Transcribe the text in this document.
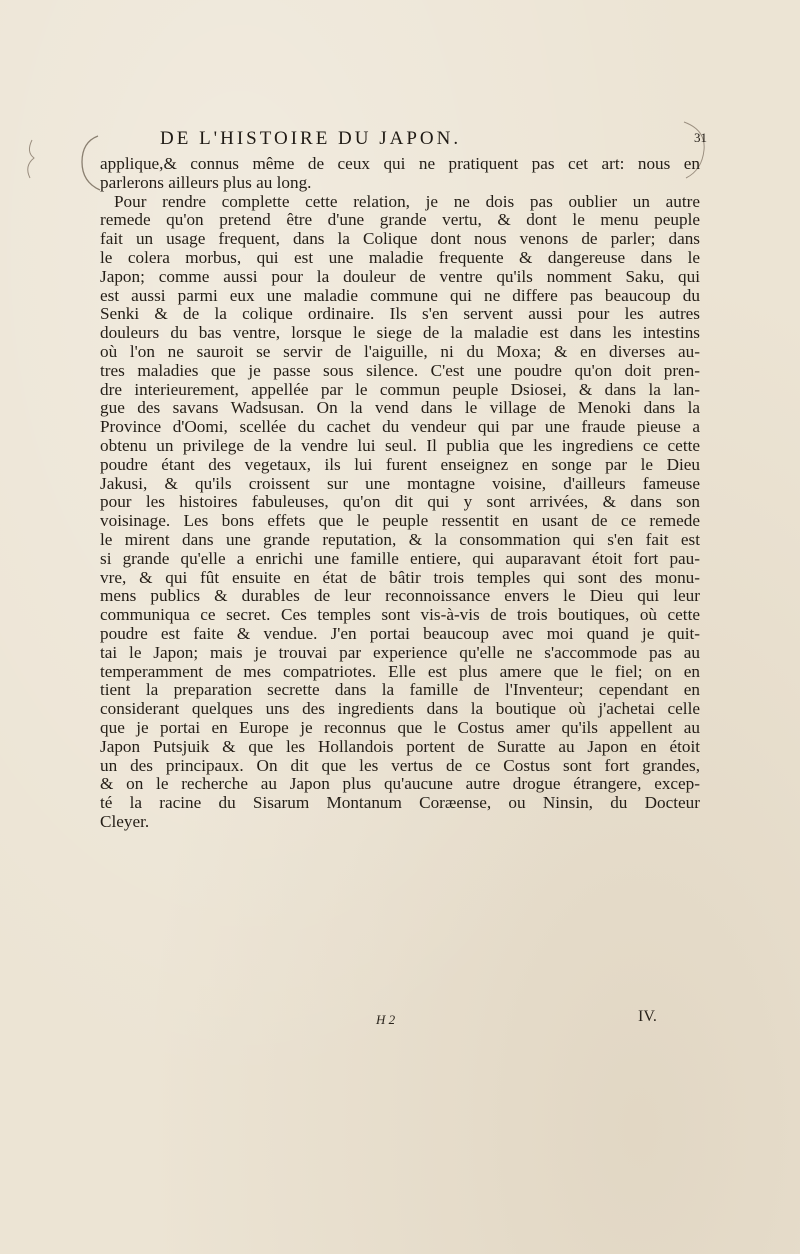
DE L'HISTOIRE DU JAPON.	31
applique,& connus même de ceux qui ne pratiquent pas cet art: nous en
parlerons ailleurs plus au long.
Pour rendre complette cette relation, je ne dois pas oublier un autre
remede qu'on pretend être d'une grande vertu, & dont le menu peuple
fait un usage frequent, dans la Colique dont nous venons de parler; dans
le colera morbus, qui est une maladie frequente & dangereuse dans le
Japon; comme aussi pour la douleur de ventre qu'ils nomment Saku, qui
est aussi parmi eux une maladie commune qui ne differe pas beaucoup du
Senki & de la colique ordinaire. Ils s'en servent aussi pour les autres
douleurs du bas ventre, lorsque le siege de la maladie est dans les intestins
où l'on ne sauroit se servir de l'aiguille, ni du Moxa; & en diverses au-
tres maladies que je passe sous silence. C'est une poudre qu'on doit pren-
dre interieurement, appellée par le commun peuple Dsiosei, & dans la lan-
gue des savans Wadsusan. On la vend dans le village de Menoki dans la
Province d'Oomi, scellée du cachet du vendeur qui par une fraude pieuse a
obtenu un privilege de la vendre lui seul. Il publia que les ingrediens ce cette
poudre étant des vegetaux, ils lui furent enseignez en songe par le Dieu
Jakusi, & qu'ils croissent sur une montagne voisine, d'ailleurs fameuse
pour les histoires fabuleuses, qu'on dit qui y sont arrivées, & dans son
voisinage. Les bons effets que le peuple ressentit en usant de ce remede
le mirent dans une grande reputation, & la consommation qui s'en fait est
si grande qu'elle a enrichi une famille entiere, qui auparavant étoit fort pau-
vre, & qui fût ensuite en état de bâtir trois temples qui sont des monu-
mens publics & durables de leur reconnoissance envers le Dieu qui leur
communiqua ce secret. Ces temples sont vis-à-vis de trois boutiques, où cette
poudre est faite & vendue. J'en portai beaucoup avec moi quand je quit-
tai le Japon; mais je trouvai par experience qu'elle ne s'accommode pas au
temperamment de mes compatriotes. Elle est plus amere que le fiel; on en
tient la preparation secrette dans la famille de l'Inventeur; cependant en
considerant quelques uns des ingredients dans la boutique où j'achetai celle
que je portai en Europe je reconnus que le Costus amer qu'ils appellent au
Japon Putsjuik & que les Hollandois portent de Suratte au Japon en étoit
un des principaux. On dit que les vertus de ce Costus sont fort grandes,
& on le recherche au Japon plus qu'aucune autre drogue étrangere, excep-
té la racine du Sisarum Montanum Coræense, ou Ninsin, du Docteur
Cleyer.
H 2	IV.
